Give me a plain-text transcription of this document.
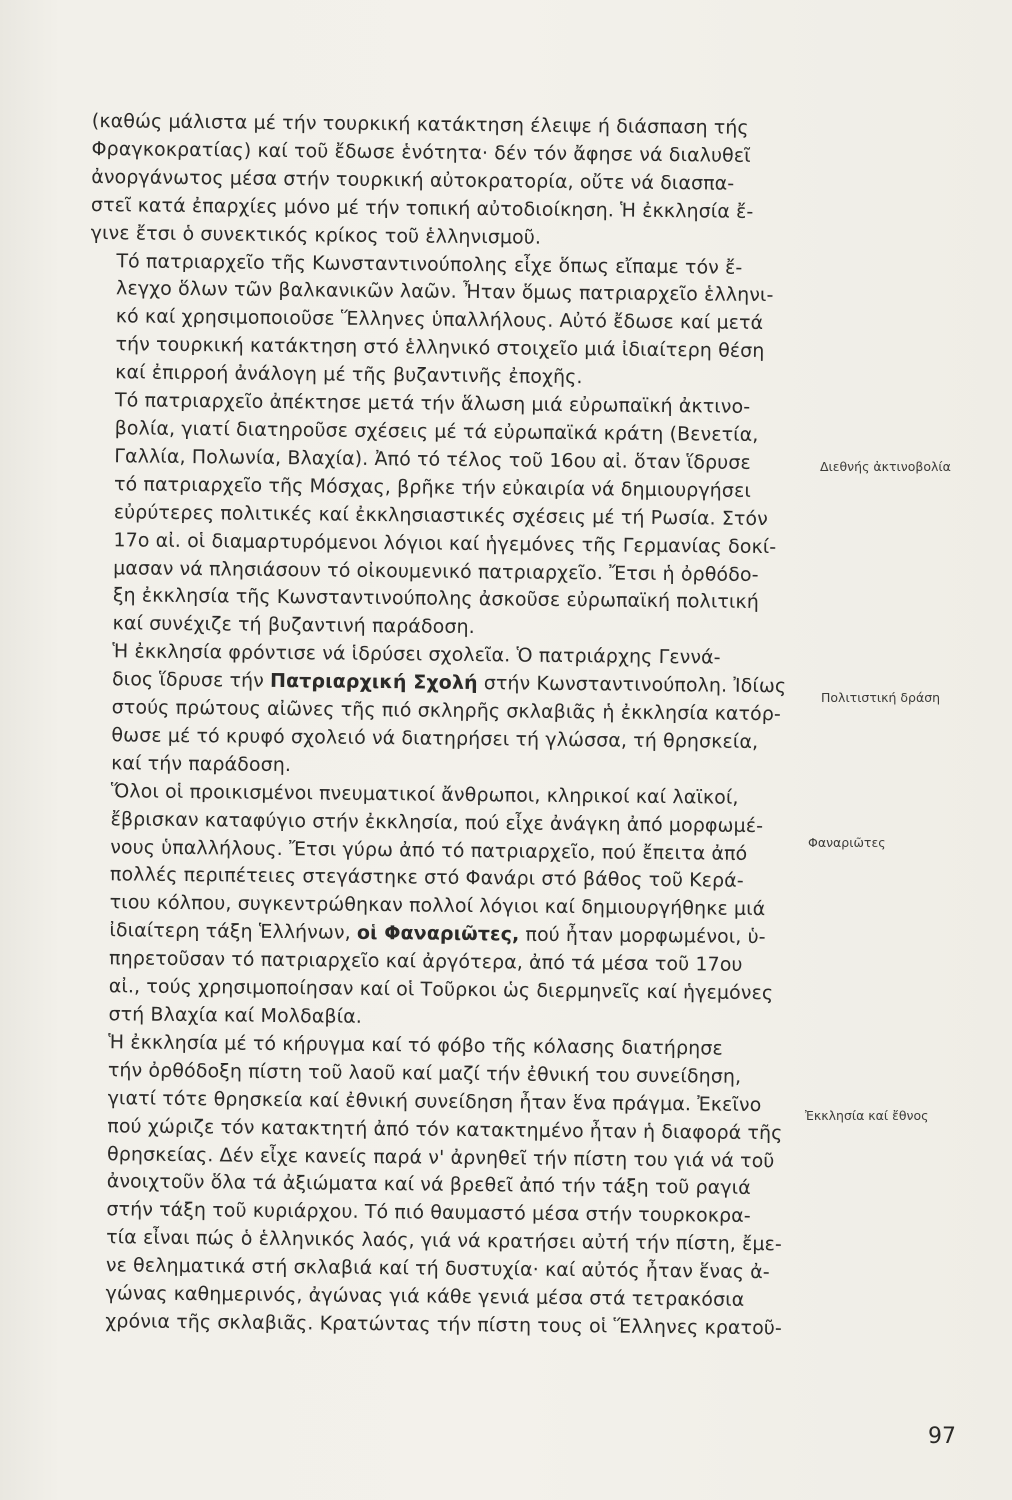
(καθώς μάλιστα μέ τήν τουρκική κατάκτηση έλειψε ή διάσπαση τής
Φραγκοκρατίας) καί τοῦ ἔδωσε ἑνότητα· δέν τόν ἄφησε νά διαλυθεῖ
ἀνοργάνωτος μέσα στήν τουρκική αὐτοκρατορία, οὔτε νά διασπα-
στεῖ κατά ἐπαρχίες μόνο μέ τήν τοπική αὐτοδιοίκηση. Ἡ ἐκκλησία ἔ-
γινε ἔτσι ὁ συνεκτικός κρίκος τοῦ ἑλληνισμοῦ.

Τό πατριαρχεῖο τῆς Κωνσταντινούπολης εἶχε ὅπως εἴπαμε τόν ἔ-
λεγχο ὅλων τῶν βαλκανικῶν λαῶν. Ἦταν ὅμως πατριαρχεῖο ἑλληνι-
κό καί χρησιμοποιοῦσε Ἕλληνες ὑπαλλήλους. Αὐτό ἔδωσε καί μετά
τήν τουρκική κατάκτηση στό ἑλληνικό στοιχεῖο μιά ἰδιαίτερη θέση
καί ἐπιρροή ἀνάλογη μέ τῆς βυζαντινῆς ἐποχῆς.

Τό πατριαρχεῖο ἀπέκτησε μετά τήν ἅλωση μιά εὐρωπαϊκή ἀκτινο-
βολία, γιατί διατηροῦσε σχέσεις μέ τά εὐρωπαϊκά κράτη (Βενετία,
Γαλλία, Πολωνία, Βλαχία). Ἀπό τό τέλος τοῦ 16ου αἰ. ὅταν ἵδρυσε
τό πατριαρχεῖο τῆς Μόσχας, βρῆκε τήν εὐκαιρία νά δημιουργήσει
εὐρύτερες πολιτικές καί ἐκκλησιαστικές σχέσεις μέ τή Ρωσία. Στόν
17ο αἰ. οἱ διαμαρτυρόμενοι λόγιοι καί ἡγεμόνες τῆς Γερμανίας δοκί-
μασαν νά πλησιάσουν τό οἰκουμενικό πατριαρχεῖο. Ἔτσι ἡ ὀρθόδο-
ξη ἐκκλησία τῆς Κωνσταντινούπολης ἀσκοῦσε εὐρωπαϊκή πολιτική
καί συνέχιζε τή βυζαντινή παράδοση.

Ἡ ἐκκλησία φρόντισε νά ἱδρύσει σχολεῖα. Ὁ πατριάρχης Γεννά-
διος ἵδρυσε τήν Πατριαρχική Σχολή στήν Κωνσταντινούπολη. Ἰδίως
στούς πρώτους αἰῶνες τῆς πιό σκληρῆς σκλαβιᾶς ἡ ἐκκλησία κατόρ-
θωσε μέ τό κρυφό σχολειό νά διατηρήσει τή γλώσσα, τή θρησκεία,
καί τήν παράδοση.

Ὅλοι οἱ προικισμένοι πνευματικοί ἄνθρωποι, κληρικοί καί λαϊκοί,
ἔβρισκαν καταφύγιο στήν ἐκκλησία, πού εἶχε ἀνάγκη ἀπό μορφωμέ-
νους ὑπαλλήλους. Ἔτσι γύρω ἀπό τό πατριαρχεῖο, πού ἔπειτα ἀπό
πολλές περιπέτειες στεγάστηκε στό Φανάρι στό βάθος τοῦ Κερά-
τιου κόλπου, συγκεντρώθηκαν πολλοί λόγιοι καί δημιουργήθηκε μιά
ἰδιαίτερη τάξη Ἑλλήνων, οἱ Φαναριῶτες, πού ἦταν μορφωμένοι, ὑ-
πηρετοῦσαν τό πατριαρχεῖο καί ἀργότερα, ἀπό τά μέσα τοῦ 17ου
αἰ., τούς χρησιμοποίησαν καί οἱ Τοῦρκοι ὡς διερμηνεῖς καί ἡγεμόνες
στή Βλαχία καί Μολδαβία.

Ἡ ἐκκλησία μέ τό κήρυγμα καί τό φόβο τῆς κόλασης διατήρησε
τήν ὀρθόδοξη πίστη τοῦ λαοῦ καί μαζί τήν ἐθνική του συνείδηση,
γιατί τότε θρησκεία καί ἐθνική συνείδηση ἦταν ἕνα πράγμα. Ἐκεῖνο
πού χώριζε τόν κατακτητή ἀπό τόν κατακτημένο ἦταν ἡ διαφορά τῆς
θρησκείας. Δέν εἶχε κανείς παρά ν' ἀρνηθεῖ τήν πίστη του γιά νά τοῦ
ἀνοιχτοῦν ὅλα τά ἀξιώματα καί νά βρεθεῖ ἀπό τήν τάξη τοῦ ραγιά
στήν τάξη τοῦ κυριάρχου. Τό πιό θαυμαστό μέσα στήν τουρκοκρα-
τία εἶναι πώς ὁ ἑλληνικός λαός, γιά νά κρατήσει αὐτή τήν πίστη, ἔμε-
νε θεληματικά στή σκλαβιά καί τή δυστυχία· καί αὐτός ἦταν ἕνας ἀ-
γώνας καθημερινός, ἀγώνας γιά κάθε γενιά μέσα στά τετρακόσια
χρόνια τῆς σκλαβιᾶς. Κρατώντας τήν πίστη τους οἱ Ἕλληνες κρατοῦ-

Διεθνής ἀκτινοβολία
Πολιτιστική δράση
Φαναριῶτες
Ἐκκλησία καί ἔθνος
97
